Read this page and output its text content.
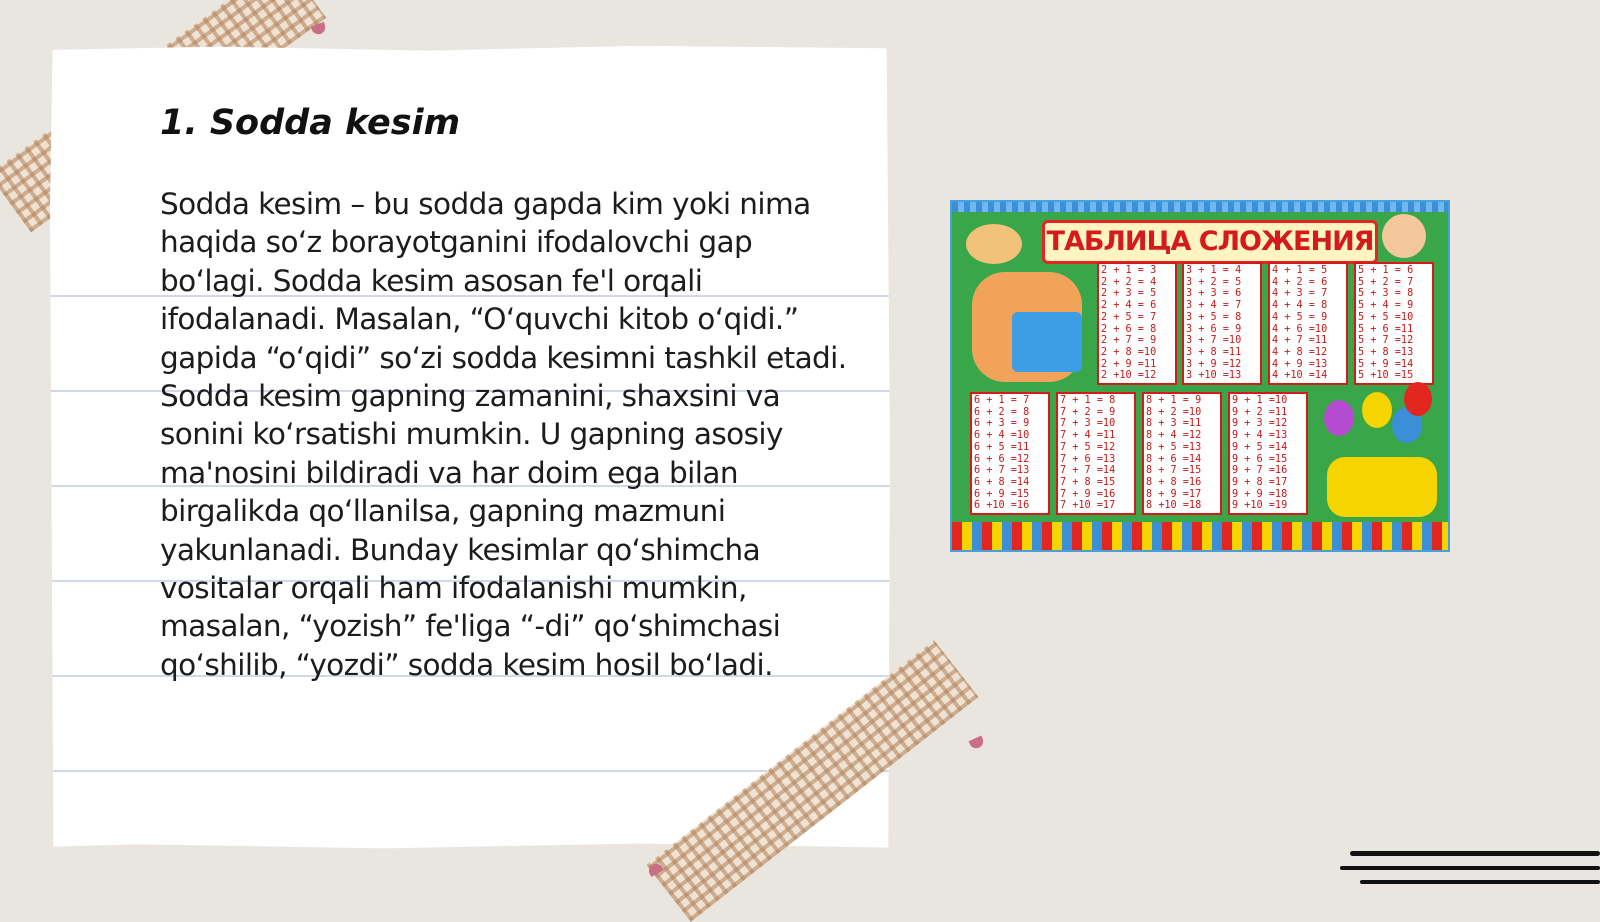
1. Sodda kesim

Sodda kesim – bu sodda gapda kim yoki nima haqida so‘z borayotganini ifodalovchi gap bo‘lagi. Sodda kesim asosan fe'l orqali ifodalanadi. Masalan, “O‘quvchi kitob o‘qidi.” gapida “o‘qidi” so‘zi sodda kesimni tashkil etadi. Sodda kesim gapning zamanini, shaxsini va sonini ko‘rsatishi mumkin. U gapning asosiy ma'nosini bildiradi va har doim ega bilan birgalikda qo‘llanilsa, gapning mazmuni yakunlanadi. Bunday kesimlar qo‘shimcha vositalar orqali ham ifodalanishi mumkin, masalan, “yozish” fe'liga “-di” qo‘shimchasi qo‘shilib, “yozdi” sodda kesim hosil bo‘ladi.

ТАБЛИЦА СЛОЖЕНИЯ
2 + 1 = 3
2 + 2 = 4
2 + 3 = 5
2 + 4 = 6
2 + 5 = 7
2 + 6 = 8
2 + 7 = 9
2 + 8 =10
2 + 9 =11
2 +10 =12
3 + 1 = 4
3 + 2 = 5
3 + 3 = 6
3 + 4 = 7
3 + 5 = 8
3 + 6 = 9
3 + 7 =10
3 + 8 =11
3 + 9 =12
3 +10 =13
4 + 1 = 5
4 + 2 = 6
4 + 3 = 7
4 + 4 = 8
4 + 5 = 9
4 + 6 =10
4 + 7 =11
4 + 8 =12
4 + 9 =13
4 +10 =14
5 + 1 = 6
5 + 2 = 7
5 + 3 = 8
5 + 4 = 9
5 + 5 =10
5 + 6 =11
5 + 7 =12
5 + 8 =13
5 + 9 =14
5 +10 =15
6 + 1 = 7
6 + 2 = 8
6 + 3 = 9
6 + 4 =10
6 + 5 =11
6 + 6 =12
6 + 7 =13
6 + 8 =14
6 + 9 =15
6 +10 =16
7 + 1 = 8
7 + 2 = 9
7 + 3 =10
7 + 4 =11
7 + 5 =12
7 + 6 =13
7 + 7 =14
7 + 8 =15
7 + 9 =16
7 +10 =17
8 + 1 = 9
8 + 2 =10
8 + 3 =11
8 + 4 =12
8 + 5 =13
8 + 6 =14
8 + 7 =15
8 + 8 =16
8 + 9 =17
8 +10 =18
9 + 1 =10
9 + 2 =11
9 + 3 =12
9 + 4 =13
9 + 5 =14
9 + 6 =15
9 + 7 =16
9 + 8 =17
9 + 9 =18
9 +10 =19
